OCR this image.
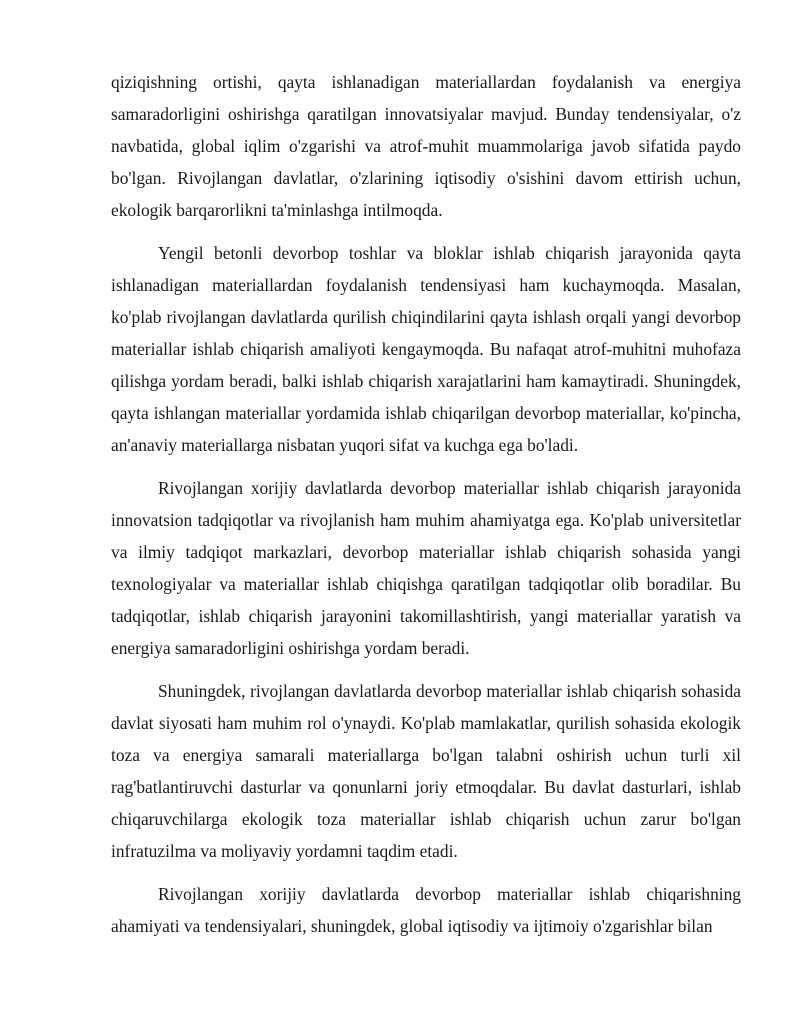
qiziqishning ortishi, qayta ishlanadigan materiallardan foydalanish va energiya samaradorligini oshirishga qaratilgan innovatsiyalar mavjud. Bunday tendensiyalar, o'z navbatida, global iqlim o'zgarishi va atrof-muhit muammolariga javob sifatida paydo bo'lgan. Rivojlangan davlatlar, o'zlarining iqtisodiy o'sishini davom ettirish uchun, ekologik barqarorlikni ta'minlashga intilmoqda.

Yengil betonli devorbop toshlar va bloklar ishlab chiqarish jarayonida qayta ishlanadigan materiallardan foydalanish tendensiyasi ham kuchaymoqda. Masalan, ko'plab rivojlangan davlatlarda qurilish chiqindilarini qayta ishlash orqali yangi devorbop materiallar ishlab chiqarish amaliyoti kengaymoqda. Bu nafaqat atrof-muhitni muhofaza qilishga yordam beradi, balki ishlab chiqarish xarajatlarini ham kamaytiradi. Shuningdek, qayta ishlangan materiallar yordamida ishlab chiqarilgan devorbop materiallar, ko'pincha, an'anaviy materiallarga nisbatan yuqori sifat va kuchga ega bo'ladi.

Rivojlangan xorijiy davlatlarda devorbop materiallar ishlab chiqarish jarayonida innovatsion tadqiqotlar va rivojlanish ham muhim ahamiyatga ega. Ko'plab universitetlar va ilmiy tadqiqot markazlari, devorbop materiallar ishlab chiqarish sohasida yangi texnologiyalar va materiallar ishlab chiqishga qaratilgan tadqiqotlar olib boradilar. Bu tadqiqotlar, ishlab chiqarish jarayonini takomillashtirish, yangi materiallar yaratish va energiya samaradorligini oshirishga yordam beradi.

Shuningdek, rivojlangan davlatlarda devorbop materiallar ishlab chiqarish sohasida davlat siyosati ham muhim rol o'ynaydi. Ko'plab mamlakatlar, qurilish sohasida ekologik toza va energiya samarali materiallarga bo'lgan talabni oshirish uchun turli xil rag'batlantiruvchi dasturlar va qonunlarni joriy etmoqdalar. Bu davlat dasturlari, ishlab chiqaruvchilarga ekologik toza materiallar ishlab chiqarish uchun zarur bo'lgan infratuzilma va moliyaviy yordamni taqdim etadi.

Rivojlangan xorijiy davlatlarda devorbop materiallar ishlab chiqarishning ahamiyati va tendensiyalari, shuningdek, global iqtisodiy va ijtimoiy o'zgarishlar bilan
